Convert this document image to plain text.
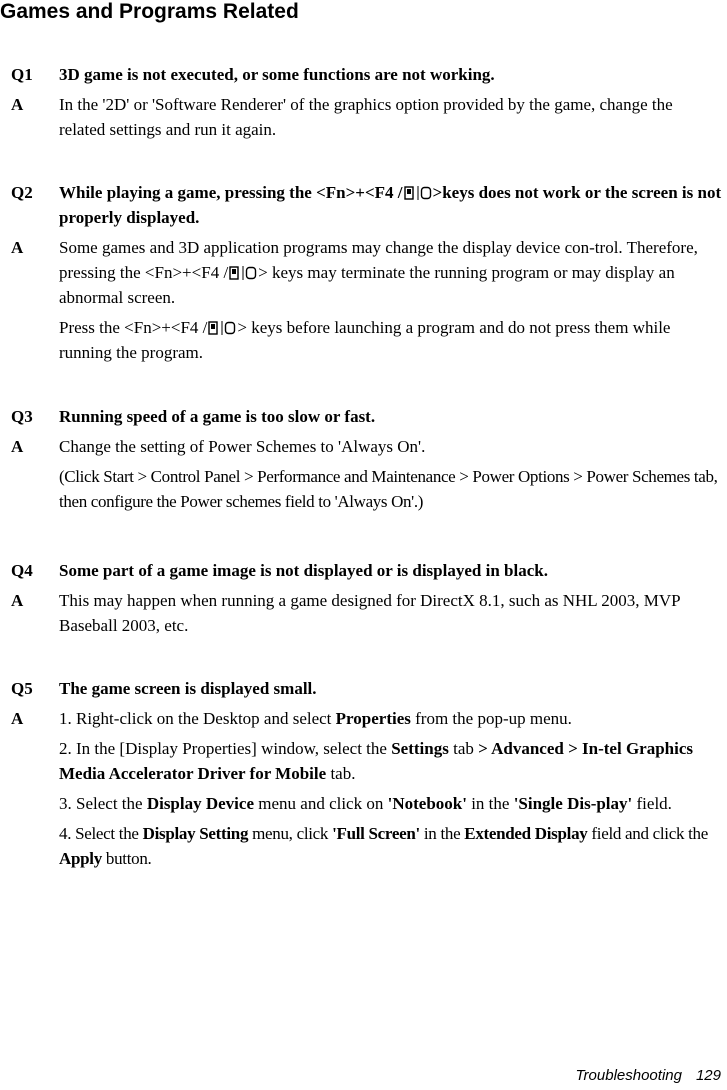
Games and Programs Related
Q1 3D game is not executed, or some functions are not working.
A In the '2D' or 'Software Renderer' of the graphics option provided by the game, change the related settings and run it again.
Q2 While playing a game, pressing the <Fn>+<F4 / >keys does not work or the screen is not properly displayed.
A Some games and 3D application programs may change the display device con-trol. Therefore, pressing the <Fn>+<F4 / > keys may terminate the running program or may display an abnormal screen.
Press the <Fn>+<F4 / > keys before launching a program and do not press them while running the program.
Q3 Running speed of a game is too slow or fast.
A Change the setting of Power Schemes to 'Always On'.
(Click Start > Control Panel > Performance and Maintenance > Power Options > Power Schemes tab, then configure the Power schemes field to 'Always On'.)
Q4 Some part of a game image is not displayed or is displayed in black.
A This may happen when running a game designed for DirectX 8.1, such as NHL 2003, MVP Baseball 2003, etc.
Q5 The game screen is displayed small.
A 1. Right-click on the Desktop and select Properties from the pop-up menu.
2. In the [Display Properties] window, select the Settings tab > Advanced > In-tel Graphics Media Accelerator Driver for Mobile tab.
3. Select the Display Device menu and click on 'Notebook' in the 'Single Dis-play' field.
4. Select the Display Setting menu, click 'Full Screen' in the Extended Display field and click the Apply button.
Troubleshooting 129
